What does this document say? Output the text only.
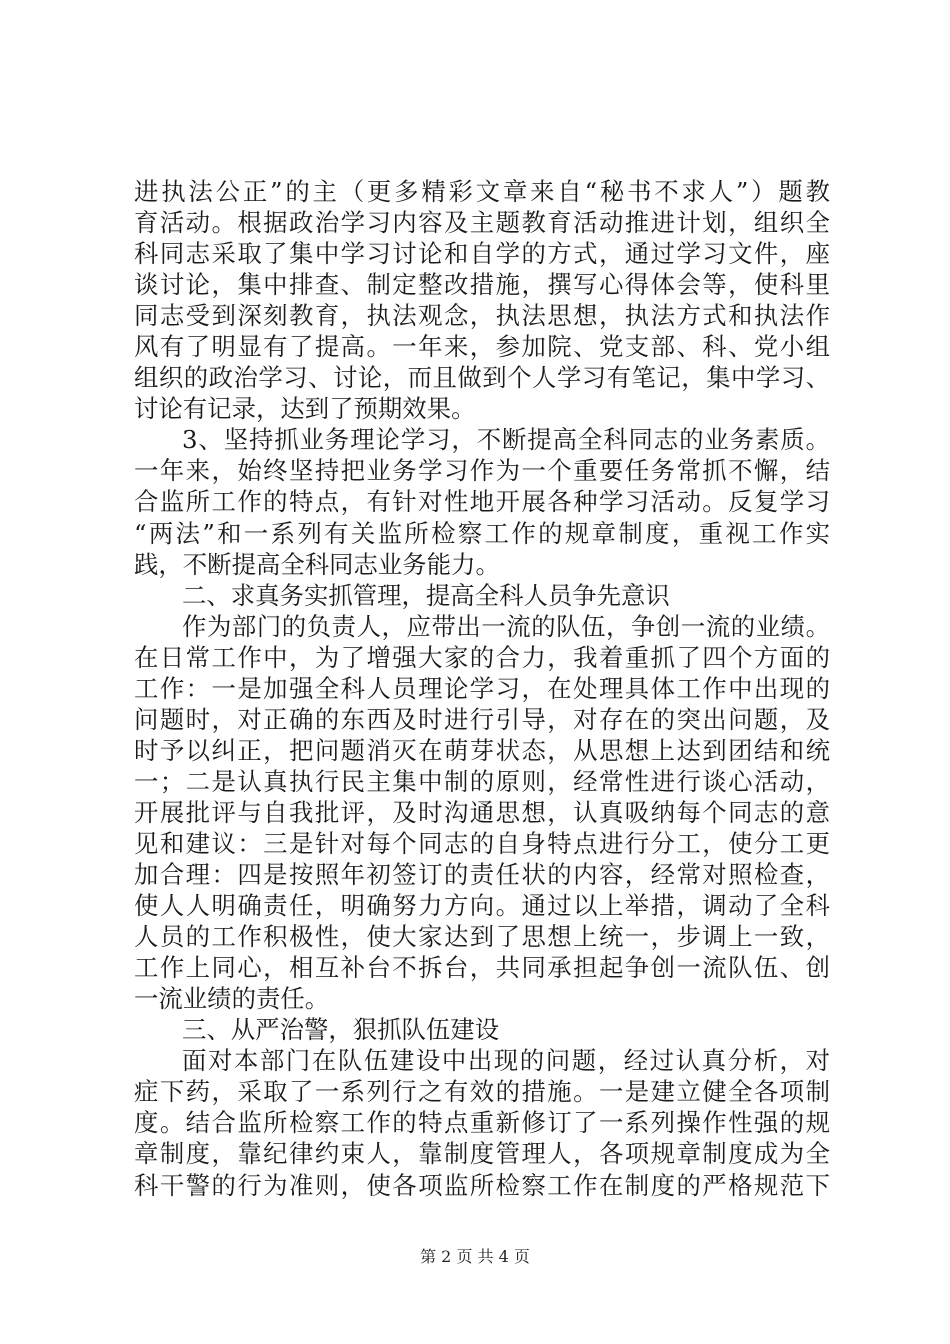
进执法公正”的主（更多精彩文章来自“秘书不求人”）题教
育活动。根据政治学习内容及主题教育活动推进计划，组织全
科同志采取了集中学习讨论和自学的方式，通过学习文件，座
谈讨论，集中排查、制定整改措施，撰写心得体会等，使科里
同志受到深刻教育，执法观念，执法思想，执法方式和执法作
风有了明显有了提高。一年来，参加院、党支部、科、党小组
组织的政治学习、讨论，而且做到个人学习有笔记，集中学习、
讨论有记录，达到了预期效果。
3、坚持抓业务理论学习，不断提高全科同志的业务素质。
一年来，始终坚持把业务学习作为一个重要任务常抓不懈，结
合监所工作的特点，有针对性地开展各种学习活动。反复学习
“两法”和一系列有关监所检察工作的规章制度，重视工作实
践，不断提高全科同志业务能力。
二、求真务实抓管理，提高全科人员争先意识
作为部门的负责人，应带出一流的队伍，争创一流的业绩。
在日常工作中，为了增强大家的合力，我着重抓了四个方面的
工作：一是加强全科人员理论学习，在处理具体工作中出现的
问题时，对正确的东西及时进行引导，对存在的突出问题，及
时予以纠正，把问题消灭在萌芽状态，从思想上达到团结和统
一；二是认真执行民主集中制的原则，经常性进行谈心活动，
开展批评与自我批评，及时沟通思想，认真吸纳每个同志的意
见和建议：三是针对每个同志的自身特点进行分工，使分工更
加合理：四是按照年初签订的责任状的内容，经常对照检查，
使人人明确责任，明确努力方向。通过以上举措，调动了全科
人员的工作积极性，使大家达到了思想上统一，步调上一致，
工作上同心，相互补台不拆台，共同承担起争创一流队伍、创
一流业绩的责任。
三、从严治警，狠抓队伍建设
面对本部门在队伍建设中出现的问题，经过认真分析，对
症下药，采取了一系列行之有效的措施。一是建立健全各项制
度。结合监所检察工作的特点重新修订了一系列操作性强的规
章制度，靠纪律约束人，靠制度管理人，各项规章制度成为全
科干警的行为准则，使各项监所检察工作在制度的严格规范下
第 2 页 共 4 页
